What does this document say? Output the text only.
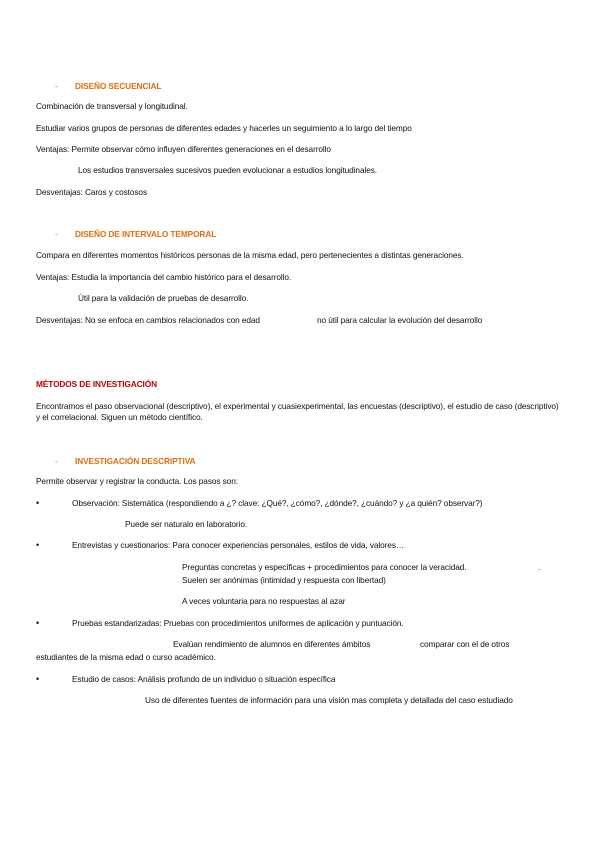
- DISEÑO SECUENCIAL
Combinación de transversal y longitudinal.
Estudiar varios grupos de personas de diferentes edades y hacerles un seguimiento a lo largo del tiempo
Ventajas: Permite observar cómo influyen diferentes generaciones en el desarrollo
Los estudios transversales sucesivos pueden evolucionar a estudios longitudinales.
Desventajas: Caros y costosos
- DISEÑO DE INTERVALO TEMPORAL
Compara en diferentes momentos históricos personas de la misma edad, pero pertenecientes a distintas generaciones.
Ventajas: Estudia la importancia del cambio histórico para el desarrollo.
Útil para la validación de pruebas de desarrollo.
Desventajas: No se enfoca en cambios relacionados con edad	no útil para calcular la evolución del desarrollo
MÉTODOS DE INVESTIGACIÓN
Encontramos el paso observacional (descriptivo), el experimental y cuasiexperimental, las encuestas (descriptivo), el estudio de caso (descriptivo) y el correlacional. Siguen un método científico.
- INVESTIGACIÓN DESCRIPTIVA
Permite observar y registrar la conducta. Los pasos son:
•	Observación: Sistemática (respondiendo a ¿? clave: ¿Qué?, ¿cómo?, ¿dónde?, ¿cuándo? y ¿a quién? observar?)
Puede ser naturalo en laboratorio.
•	Entrevistas y cuestionarios: Para conocer experiencias personales, estilos de vida, valores…
Preguntas concretas y específicas + procedimientos para conocer la veracidad.	.
Suelen ser anónimas (intimidad y respuesta con libertad)
A veces voluntaria para no respuestas al azar
•	Pruebas estandarizadas: Pruebas con procedimientos uniformes de aplicación y puntuación.
Evalúan rendimiento de alumnos en diferentes ámbitos	comparar con el de otros
estudiantes de la misma edad o curso académico.
•	Estudio de casos: Análisis profundo de un individuo o situación específica
Uso de diferentes fuentes de información para una visión mas completa y detallada del caso estudiado
